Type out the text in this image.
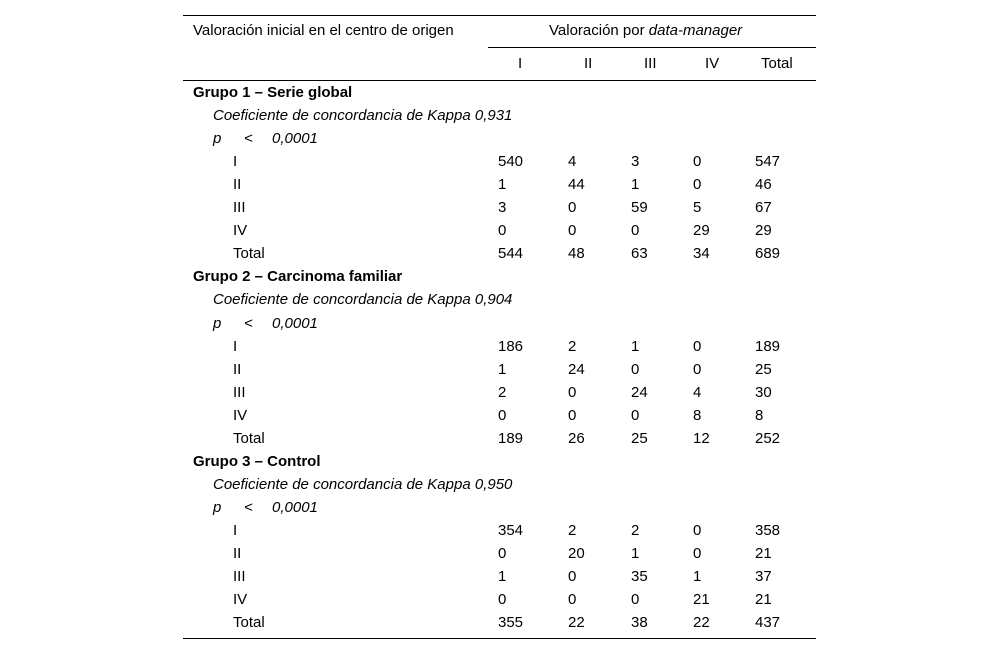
Valoración inicial en el centro de origen	Valoración por data-manager
I	II	III	IV	Total
Grupo 1 – Serie global
Coeficiente de concordancia de Kappa 0,931
p < 0,0001
I	540	4	3	0	547
II	1	44	1	0	46
III	3	0	59	5	67
IV	0	0	0	29	29
Total	544	48	63	34	689
Grupo 2 – Carcinoma familiar
Coeficiente de concordancia de Kappa 0,904
p < 0,0001
I	186	2	1	0	189
II	1	24	0	0	25
III	2	0	24	4	30
IV	0	0	0	8	8
Total	189	26	25	12	252
Grupo 3 – Control
Coeficiente de concordancia de Kappa 0,950
p < 0,0001
I	354	2	2	0	358
II	0	20	1	0	21
III	1	0	35	1	37
IV	0	0	0	21	21
Total	355	22	38	22	437
